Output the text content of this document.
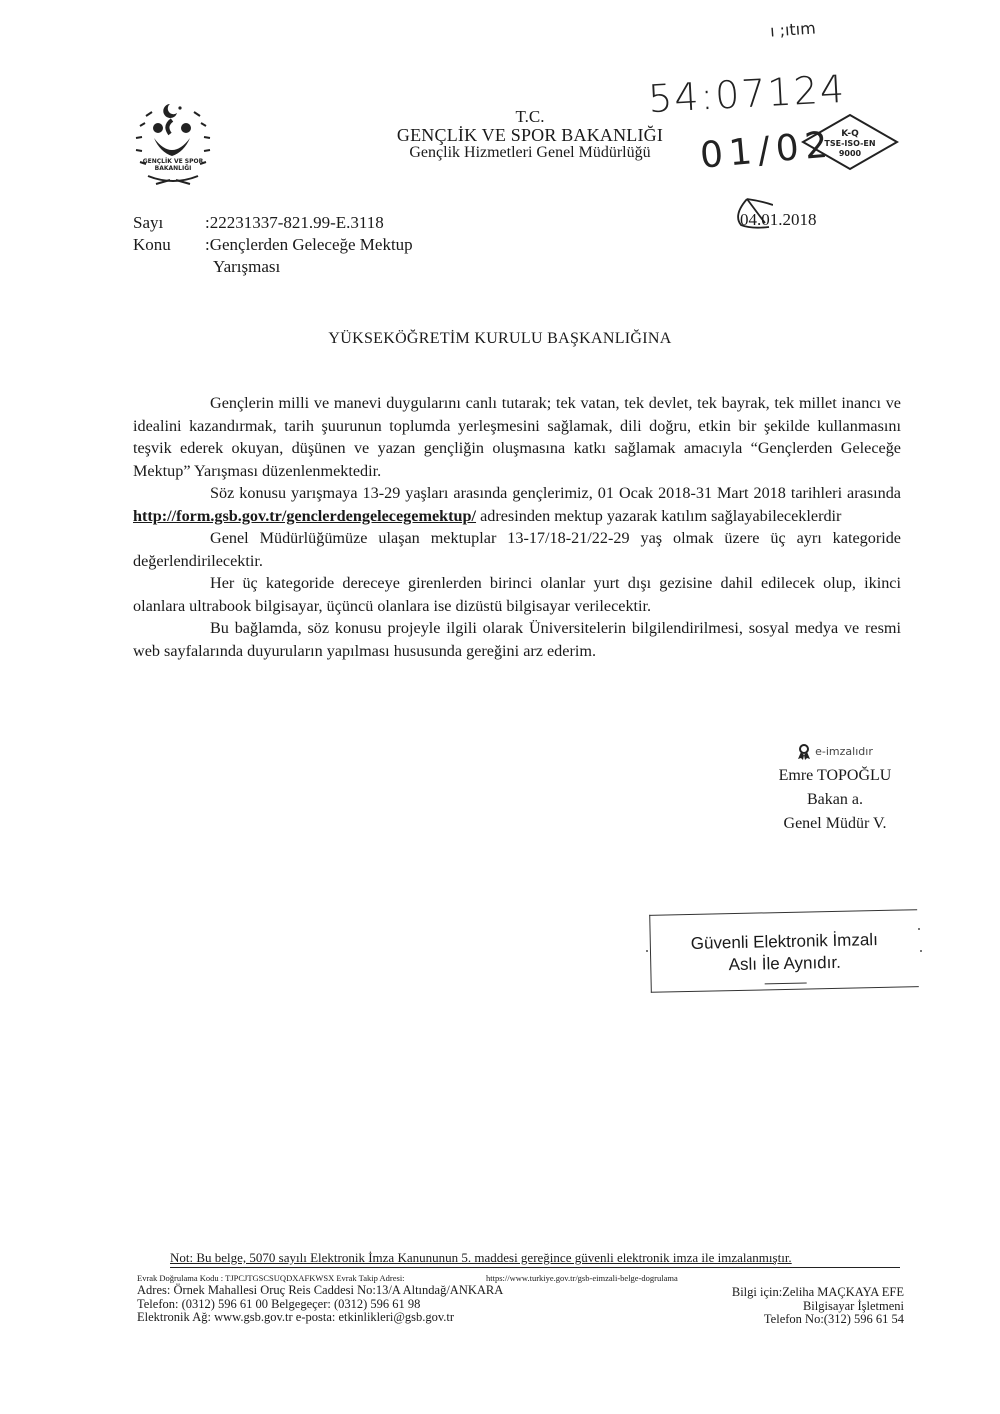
GENÇLİK VE SPOR
BAKANLIĞI
T.C.
GENÇLİK VE SPOR BAKANLIĞI
Gençlik Hizmetleri Genel Müdürlüğü
ı ;ıtım
54:07124
01/02 K-Q
TSE-ISO-EN
9000
04.01.2018
Sayı	:22231337-821.99-E.3118
Konu	:Gençlerden Geleceğe Mektup
Yarışması
YÜKSEKÖĞRETİM KURULU BAŞKANLIĞINA

Gençlerin milli ve manevi duygularını canlı tutarak; tek vatan, tek devlet, tek bayrak, tek millet inancı ve idealini kazandırmak, tarih şuurunun toplumda yerleşmesini sağlamak, dili doğru, etkin bir şekilde kullanmasını teşvik ederek okuyan, düşünen ve yazan gençliğin oluşmasına katkı sağlamak amacıyla “Gençlerden Geleceğe Mektup” Yarışması düzenlenmektedir.

Söz konusu yarışmaya 13-29 yaşları arasında gençlerimiz, 01 Ocak 2018-31 Mart 2018 tarihleri arasında http://form.gsb.gov.tr/genclerdengelecegemektup/ adresinden mektup yazarak katılım sağlayabileceklerdir

Genel Müdürlüğümüze ulaşan mektuplar 13-17/18-21/22-29 yaş olmak üzere üç ayrı kategoride değerlendirilecektir.

Her üç kategoride dereceye girenlerden birinci olanlar yurt dışı gezisine dahil edilecek olup, ikinci olanlara ultrabook bilgisayar, üçüncü olanlara ise dizüstü bilgisayar verilecektir.

Bu bağlamda, söz konusu projeyle ilgili olarak Üniversitelerin bilgilendirilmesi, sosyal medya ve resmi web sayfalarında duyuruların yapılması hususunda gereğini arz ederim.

e-imzalıdır
Emre TOPOĞLU
Bakan a.
Genel Müdür V.
Güvenli Elektronik İmzalı
Aslı İle Aynıdır.
Not: Bu belge, 5070 sayılı Elektronik İmza Kanununun 5. maddesi gereğince güvenli elektronik imza ile imzalanmıştır.
Evrak Doğrulama Kodu : TJPCJTGSCSUQDXAFKWSX Evrak Takip Adresi:
Adres: Örnek Mahallesi Oruç Reis Caddesi No:13/A Altındağ/ANKARA
Telefon: (0312) 596 61 00 Belgegeçer: (0312) 596 61 98
Elektronik Ağ: www.gsb.gov.tr e-posta: etkinlikleri@gsb.gov.tr
https://www.turkiye.gov.tr/gsb-eimzali-belge-dogrulama
Bilgi için:Zeliha MAÇKAYA EFE
Bilgisayar İşletmeni
Telefon No:(312) 596 61 54
